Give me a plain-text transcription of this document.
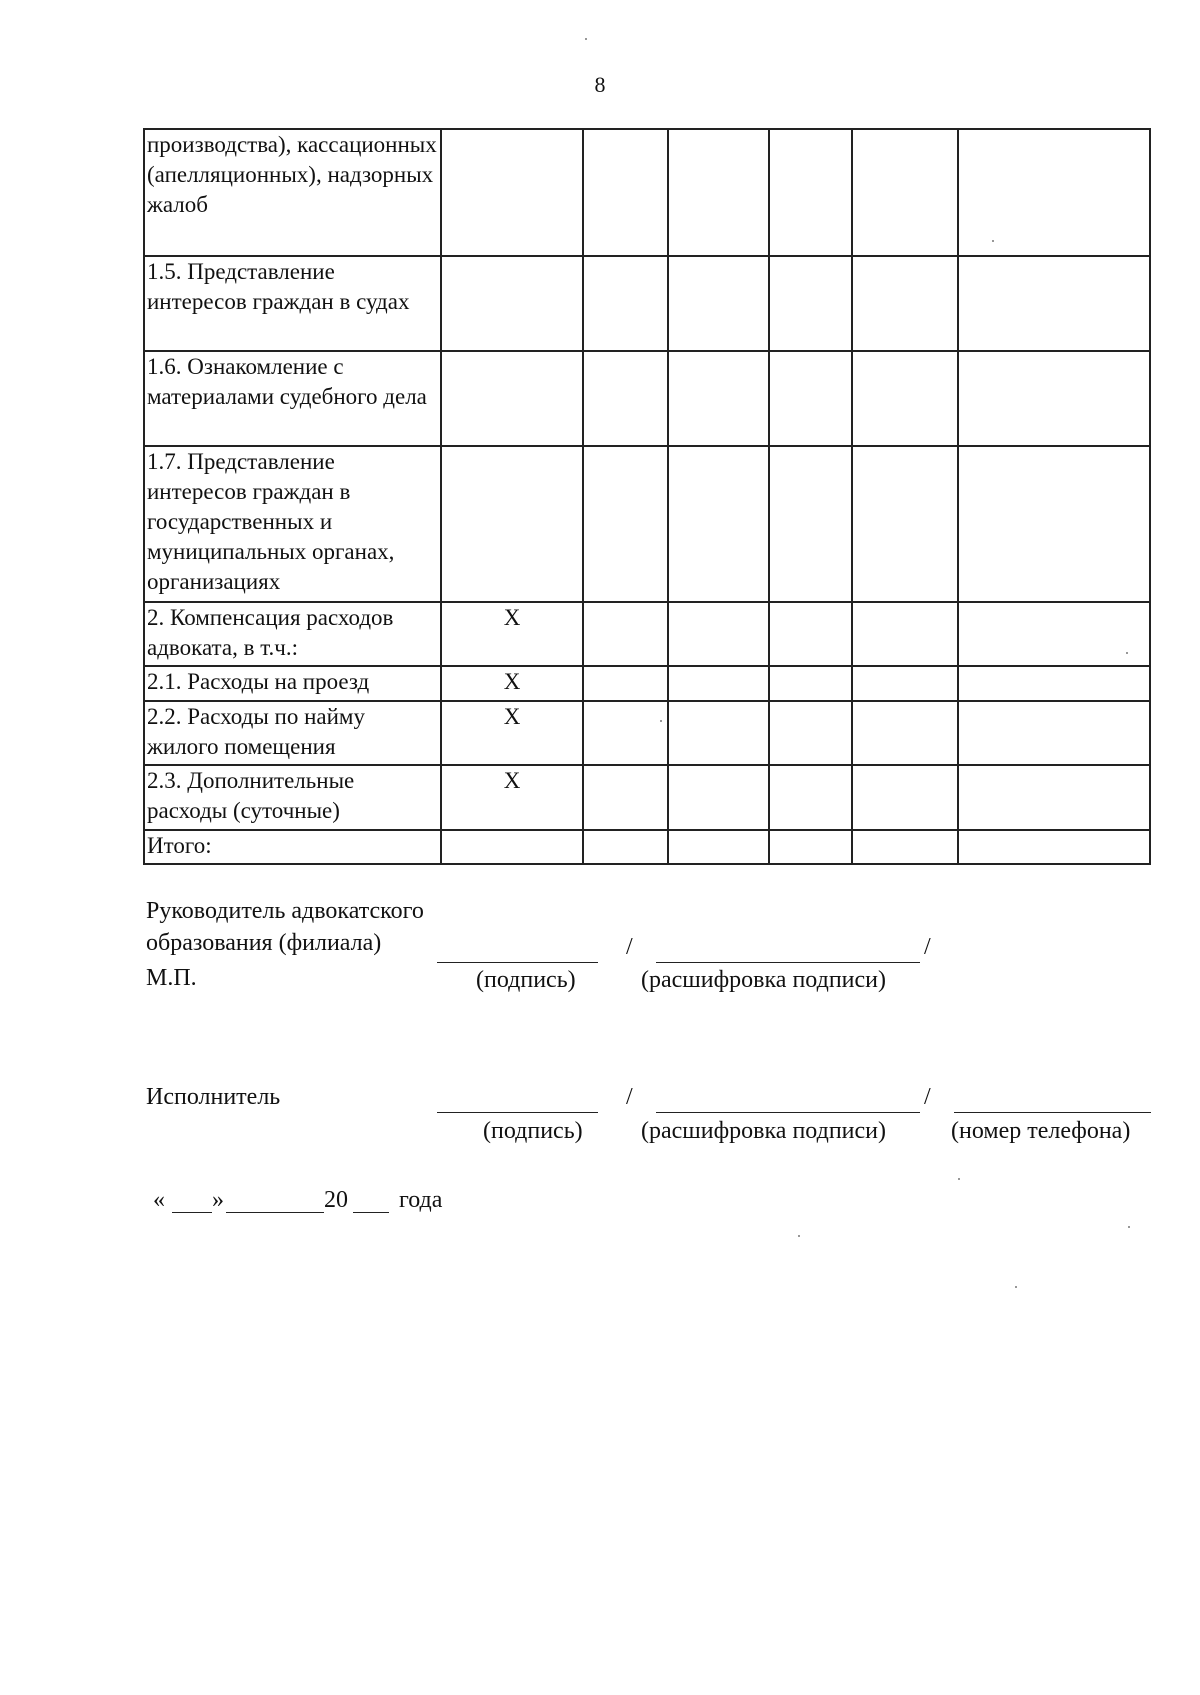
8
производства), кассационных (апелляционных), надзорных жалоб						
1.5. Представление интересов граждан в судах						
1.6. Ознакомление с материалами судебного дела						
1.7. Представление интересов граждан в государственных и муниципальных органах, организациях						
2. Компенсация расходов адвоката, в т.ч.:	X					
2.1. Расходы на проезд	X					
2.2. Расходы по найму жилого помещения	X					
2.3. Дополнительные расходы (суточные)	X					
Итого:						
Руководитель адвокатского
образования (филиала)
М.П.
/	/
(подпись)	(расшифровка подписи)
Исполнитель	/	/
(подпись) (расшифровка подписи)	(номер телефона)
« »	20 года
